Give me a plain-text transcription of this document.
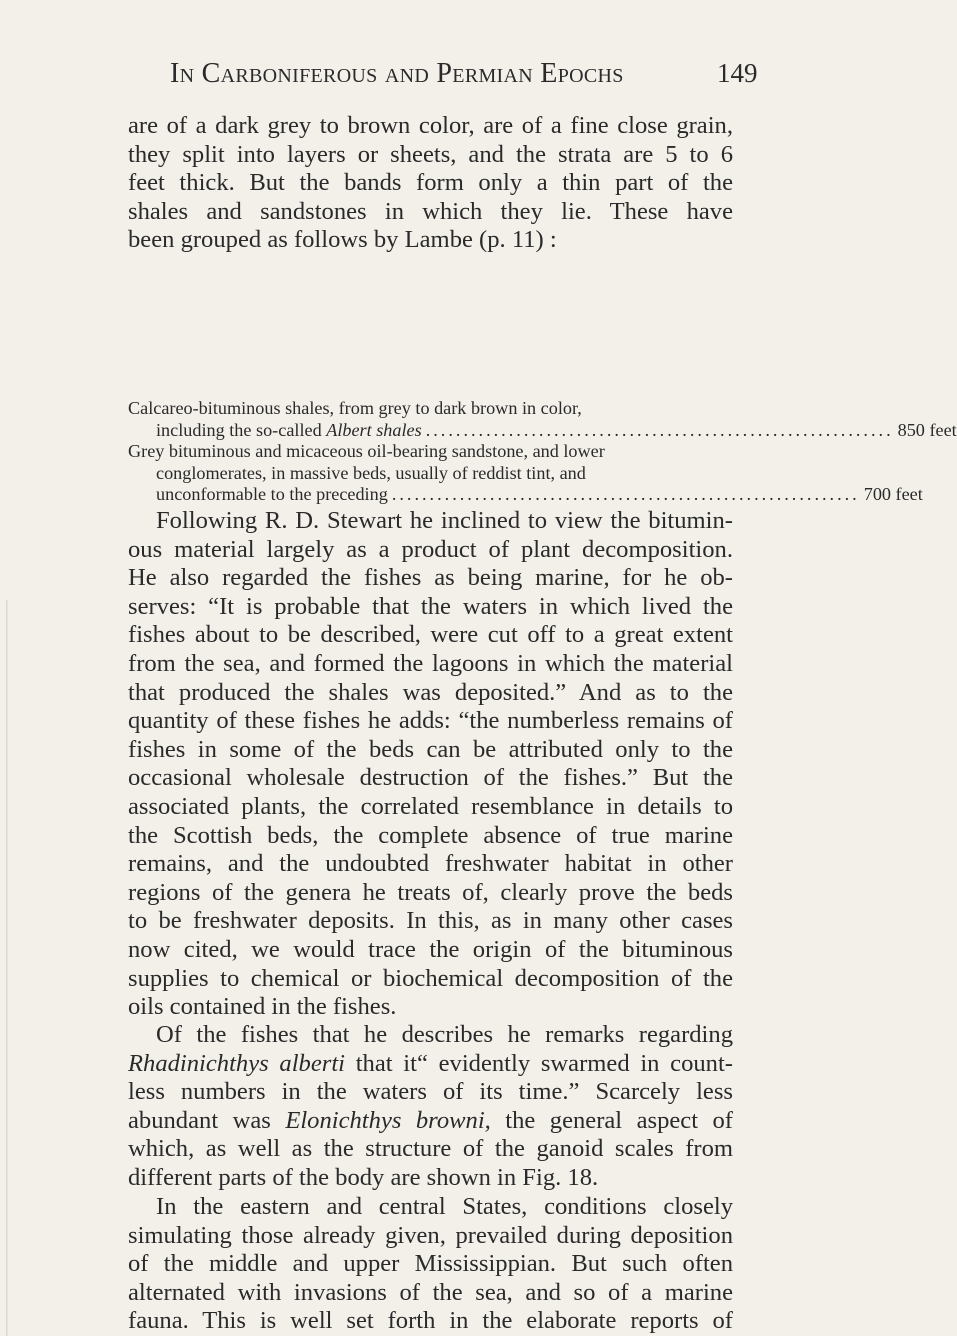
In Carboniferous and Permian Epochs	149
are of a dark grey to brown color, are of a fine close grain,
they split into layers or sheets, and the strata are 5 to 6
feet thick. But the bands form only a thin part of the
shales and sandstones in which they lie. These have
been grouped as follows by Lambe (p. 11) :
Calcareo-bituminous shales, from grey to dark brown in color,
including the so-called Albert shales .............................................................. 850 feet
Grey bituminous and micaceous oil-bearing sandstone, and lower
conglomerates, in massive beds, usually of reddist tint, and
unconformable to the preceding .............................................................. 700 feet
Following R. D. Stewart he inclined to view the bitumin-
ous material largely as a product of plant decomposition.
He also regarded the fishes as being marine, for he ob-
serves: “It is probable that the waters in which lived the
fishes about to be described, were cut off to a great extent
from the sea, and formed the lagoons in which the material
that produced the shales was deposited.” And as to the
quantity of these fishes he adds: “the numberless remains of
fishes in some of the beds can be attributed only to the
occasional wholesale destruction of the fishes.” But the
associated plants, the correlated resemblance in details to
the Scottish beds, the complete absence of true marine
remains, and the undoubted freshwater habitat in other
regions of the genera he treats of, clearly prove the beds
to be freshwater deposits. In this, as in many other cases
now cited, we would trace the origin of the bituminous
supplies to chemical or biochemical decomposition of the
oils contained in the fishes.
Of the fishes that he describes he remarks regarding
Rhadinichthys alberti that it“ evidently swarmed in count-
less numbers in the waters of its time.” Scarcely less
abundant was Elonichthys browni, the general aspect of
which, as well as the structure of the ganoid scales from
different parts of the body are shown in Fig. 18.
In the eastern and central States, conditions closely
simulating those already given, prevailed during deposition
of the middle and upper Mississippian. But such often
alternated with invasions of the sea, and so of a marine
fauna. This is well set forth in the elaborate reports of
